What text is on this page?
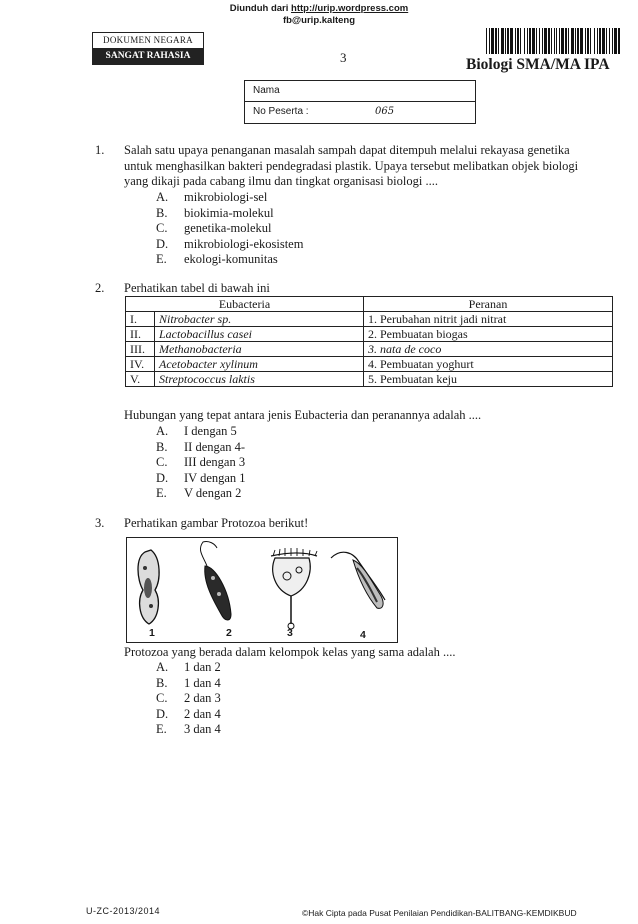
Diunduh dari http://urip.wordpress.com
fb@urip.kalteng
DOKUMEN NEGARA
SANGAT RAHASIA	3	Biologi SMA/MA IPA
Nama
No Peserta :	065
1. Salah satu upaya penanganan masalah sampah dapat ditempuh melalui rekayasa genetika
untuk menghasilkan bakteri pendegradasi plastik. Upaya tersebut melibatkan objek biologi
yang dikaji pada cabang ilmu dan tingkat organisasi biologi ....
A. mikrobiologi-sel
B. biokimia-molekul
C. genetika-molekul
D. mikrobiologi-ekosistem
E. ekologi-komunitas
2. Perhatikan tabel di bawah ini
Eubacteria		Peranan
I.	Nitrobacter sp.	1. Perubahan nitrit jadi nitrat
II.	Lactobacillus casei	2. Pembuatan biogas
III.	Methanobacteria	3. nata de coco
IV.	Acetobacter xylinum	4. Pembuatan yoghurt
V.	Streptococcus laktis	5. Pembuatan keju
Hubungan yang tepat antara jenis Eubacteria dan peranannya adalah ....
A. I dengan 5
B. II dengan 4-
C. III dengan 3
D. IV dengan 1
E. V dengan 2
3. Perhatikan gambar Protozoa berikut!
1	2	3	4
Protozoa yang berada dalam kelompok kelas yang sama adalah ....
A. 1 dan 2
B. 1 dan 4
C. 2 dan 3
D. 2 dan 4
E. 3 dan 4
U-ZC-2013/2014	©Hak Cipta pada Pusat Penilaian Pendidikan-BALITBANG-KEMDIKBUD
